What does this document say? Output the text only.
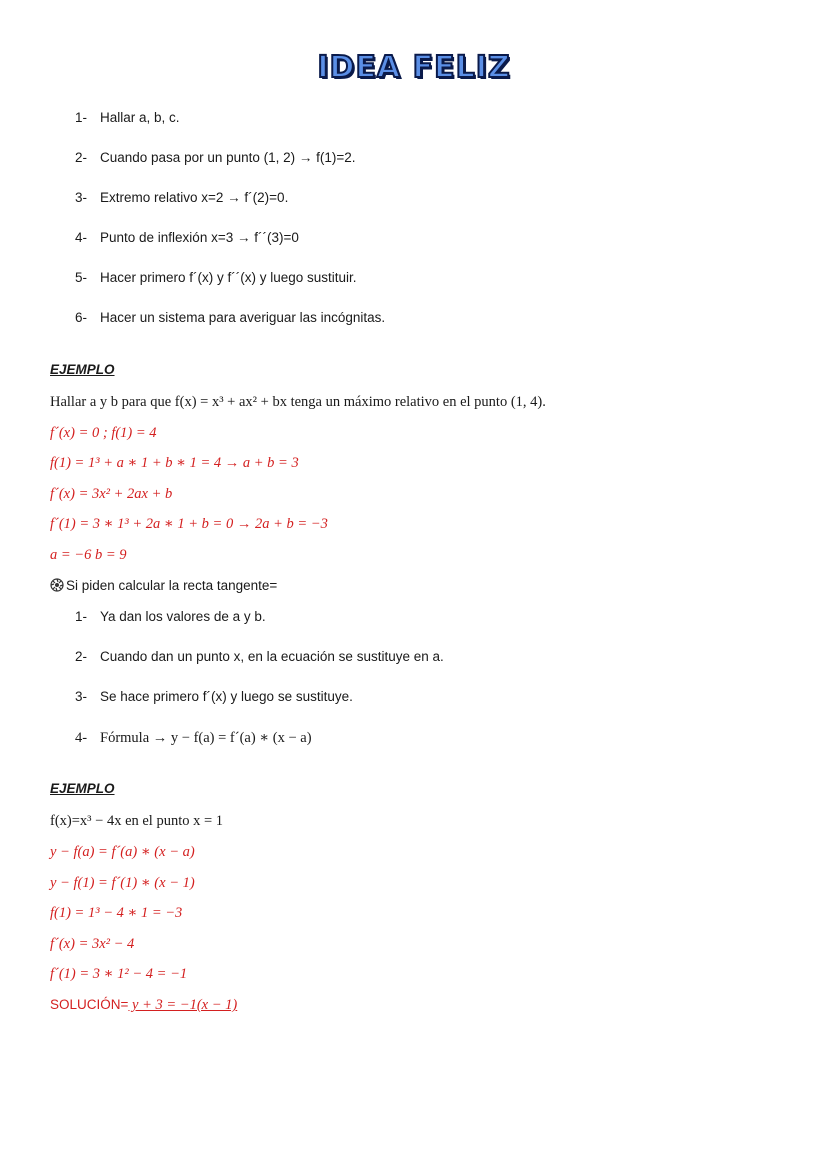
IDEA FELIZ
1- Hallar a, b, c.
2- Cuando pasa por un punto (1, 2) → f(1)=2.
3- Extremo relativo x=2 → f´(2)=0.
4- Punto de inflexión x=3 → f´´(3)=0
5- Hacer primero f´(x) y f´´(x) y luego sustituir.
6- Hacer un sistema para averiguar las incógnitas.
EJEMPLO
Hallar a y b para que f(x) = x³ + ax² + bx tenga un máximo relativo en el punto (1, 4).
f´(x) = 0 ; f(1) = 4
f(1) = 1³ + a ∗ 1 + b ∗ 1 = 4 → a + b = 3
f´(x) = 3x² + 2ax + b
f´(1) = 3 ∗ 1³ + 2a ∗ 1 + b = 0 → 2a + b = −3
a = −6 b = 9
Si piden calcular la recta tangente=
1- Ya dan los valores de a y b.
2- Cuando dan un punto x, en la ecuación se sustituye en a.
3- Se hace primero f´(x) y luego se sustituye.
4- Fórmula → y − f(a) = f´(a) ∗ (x − a)
EJEMPLO
f(x)=x³ − 4x en el punto x = 1
y − f(a) = f´(a) ∗ (x − a)
y − f(1) = f´(1) ∗ (x − 1)
f(1) = 1³ − 4 ∗ 1 = −3
f´(x) = 3x² − 4
f´(1) = 3 ∗ 1² − 4 = −1
SOLUCIÓN= y + 3 = −1(x − 1)
